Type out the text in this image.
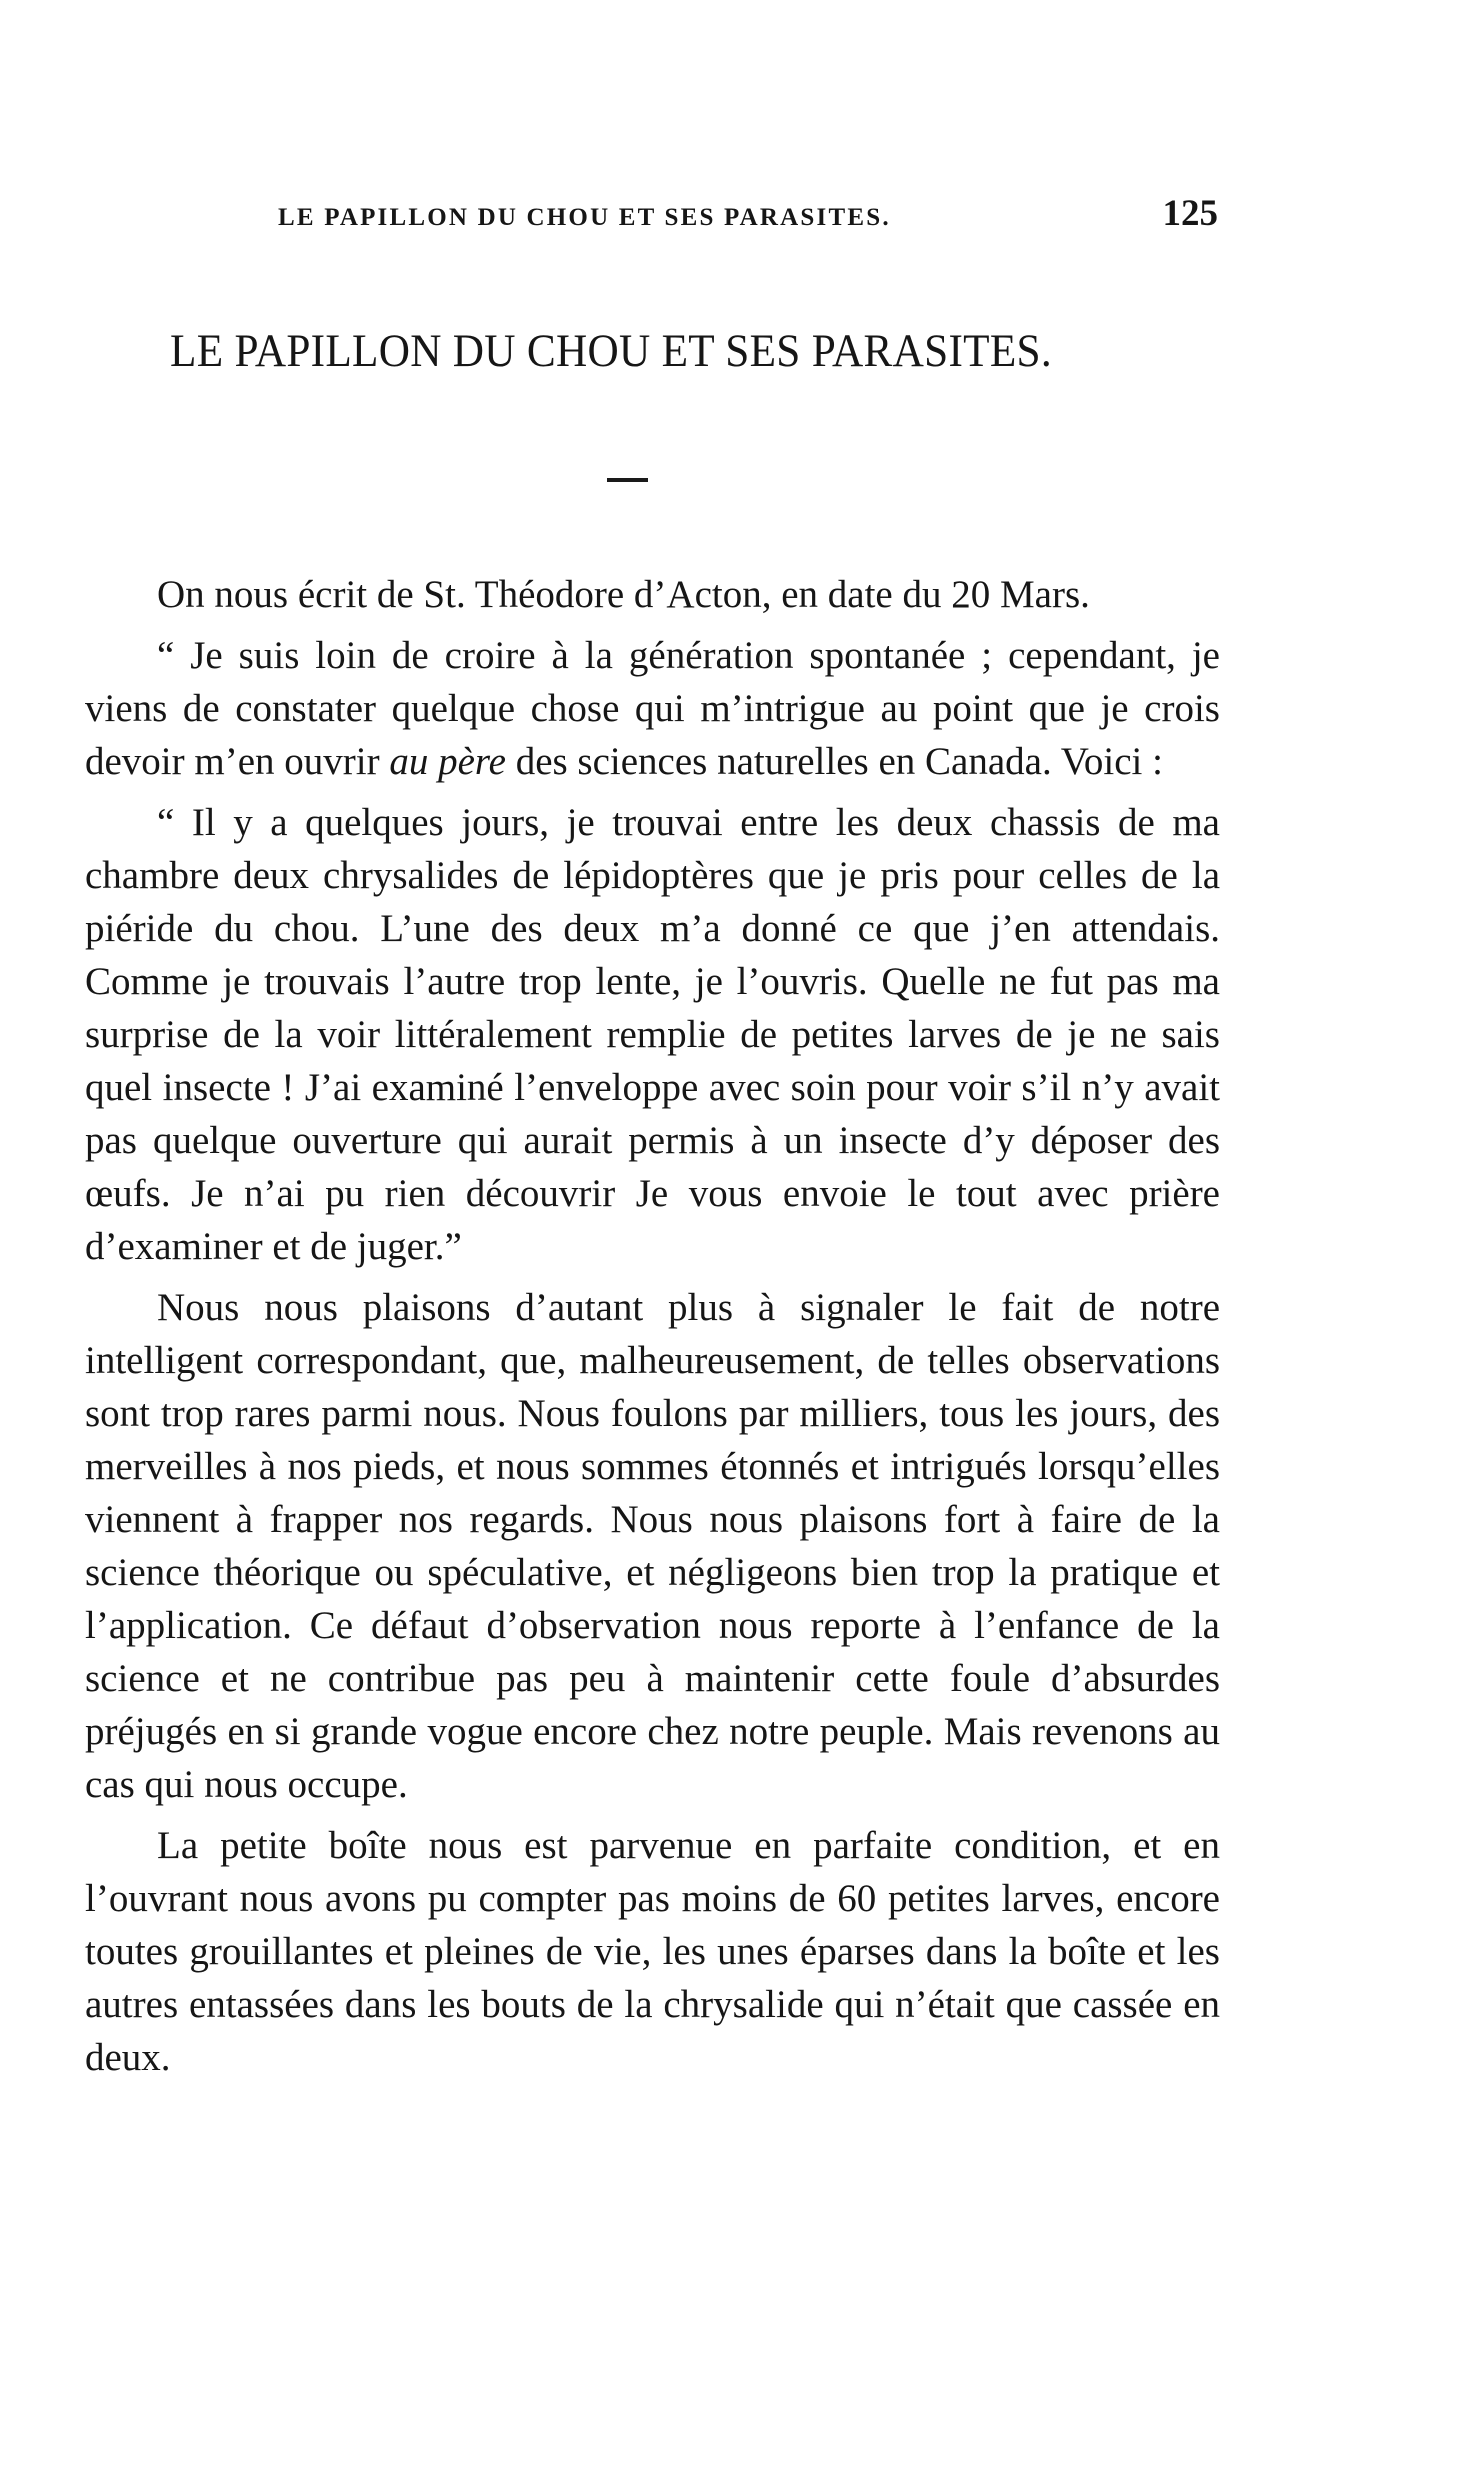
LE PAPILLON DU CHOU ET SES PARASITES.	125
LE PAPILLON DU CHOU ET SES PARASITES.

On nous écrit de St. Théodore d’Acton, en date du 20 Mars.

“ Je suis loin de croire à la génération spontanée ; cependant, je viens de constater quelque chose qui m’intrigue au point que je crois devoir m’en ouvrir au père des sciences naturelles en Canada. Voici :

“ Il y a quelques jours, je trouvai entre les deux chassis de ma chambre deux chrysalides de lépidoptères que je pris pour celles de la piéride du chou. L’une des deux m’a donné ce que j’en attendais. Comme je trouvais l’autre trop lente, je l’ouvris. Quelle ne fut pas ma surprise de la voir littéralement remplie de petites larves de je ne sais quel insecte ! J’ai examiné l’enveloppe avec soin pour voir s’il n’y avait pas quelque ouverture qui aurait permis à un insecte d’y déposer des œufs. Je n’ai pu rien découvrir Je vous envoie le tout avec prière d’examiner et de juger.”

Nous nous plaisons d’autant plus à signaler le fait de notre intelligent correspondant, que, malheureusement, de telles observations sont trop rares parmi nous. Nous foulons par milliers, tous les jours, des merveilles à nos pieds, et nous sommes étonnés et intrigués lorsqu’elles viennent à frapper nos regards. Nous nous plaisons fort à faire de la science théorique ou spéculative, et négligeons bien trop la pratique et l’application. Ce défaut d’observation nous reporte à l’enfance de la science et ne contribue pas peu à maintenir cette foule d’absurdes préjugés en si grande vogue encore chez notre peuple. Mais revenons au cas qui nous occupe.

La petite boîte nous est parvenue en parfaite condition, et en l’ouvrant nous avons pu compter pas moins de 60 petites larves, encore toutes grouillantes et pleines de vie, les unes éparses dans la boîte et les autres entassées dans les bouts de la chrysalide qui n’était que cassée en deux.
